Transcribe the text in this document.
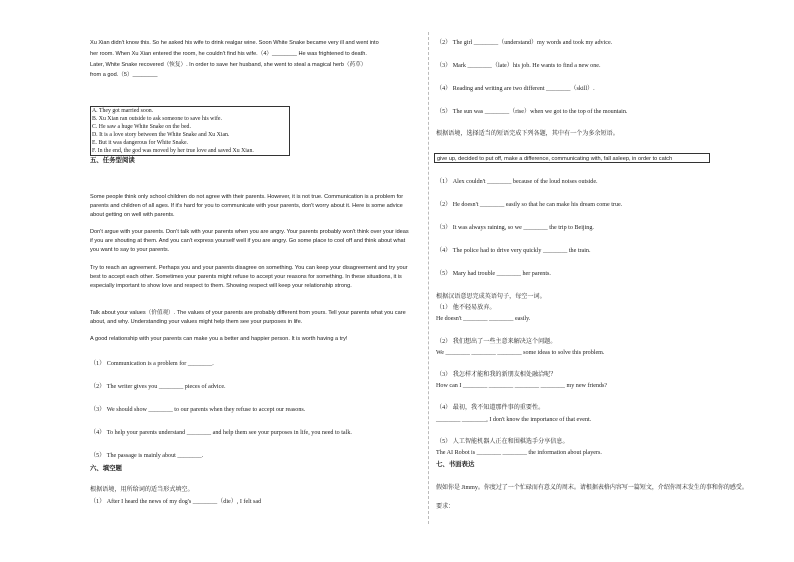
Xu Xian didn't know this. So he asked his wife to drink realgar wine. Soon White Snake became very ill and went into
her room. When Xu Xian entered the room, he couldn't find his wife.（4）________ He was frightened to death.
Later, White Snake recovered（恢复）. In order to save her husband, she went to steal a magical herb（药草）
from a god.（5）________
A. They got married soon.
B. Xu Xian ran outside to ask someone to save his wife.
C. He saw a huge White Snake on the bed.
D. It is a love story between the White Snake and Xu Xian.
E. But it was dangerous for White Snake.
F. In the end, the god was moved by her true love and saved Xu Xian.
五、任务型阅读
Some people think only school children do not agree with their parents. However, it is not true. Communication is a problem for parents and children of all ages. If it's hard for you to communicate with your parents, don't worry about it. Here is some advice about getting on well with parents.
Don't argue with your parents. Don't talk with your parents when you are angry. Your parents probably won't think over your ideas if you are shouting at them. And you can't express yourself well if you are angry. Go some place to cool off and think about what you want to say to your parents.
Try to reach an agreement. Perhaps you and your parents disagree on something. You can keep your disagreement and try your best to accept each other. Sometimes your parents might refuse to accept your reasons for something. In these situations, it is especially important to show love and respect to them. Showing respect will keep your relationship strong.
Talk about your values（价值观）. The values of your parents are probably different from yours. Tell your parents what you care about, and why. Understanding your values might help them see your purposes in life.
A good relationship with your parents can make you a better and happier person. It is worth having a try!
（1） Communication is a problem for ________.
（2） The writer gives you ________ pieces of advice.
（3） We should show ________ to our parents when they refuse to accept our reasons.
（4） To help your parents understand ________ and help them see your purposes in life, you need to talk.
（5） The passage is mainly about ________.
六、填空题
根据语境，用所给词的适当形式填空。
（1） After I heard the news of my dog's ________（die）, I felt sad
（2） The girl ________（understand）my words and took my advice.
（3） Mark ________（late）his job. He wants to find a new one.
（4） Reading and writing are two different ________（skill）.
（5） The sun was ________（rise）when we got to the top of the mountain.
根据语境，选择适当的短语完成下列各题，其中有一个为多余短语。
give up, decided to put off, make a difference, communicating with, fall asleep, in order to catch
（1） Alex couldn't ________ because of the loud noises outside.
（2） He doesn't ________ easily so that he can make his dream come true.
（3） It was always raining, so we ________ the trip to Beijing.
（4） The police had to drive very quickly ________ the train.
（5） Mary had trouble ________ her parents.
根据汉语意思完成英语句子，每空一词。
（1） 他不轻易放弃。
He doesn't ________ ________ easily.
（2） 我们想出了一些主意来解决这个问题。
We ________ ________ ________ some ideas to solve this problem.
（3） 我怎样才能和我的新朋友相处融洽呢？
How can I ________ ________ ________ ________ my new friends?
（4） 最初，我不知道那件事的重要性。
________ ________, I don't know the importance of that event.
（5） 人工智能机器人正在和围棋选手分享信息。
The AI Robot is ________ ________ the information about players.
七、书面表达
假如你是 Jimmy。你度过了一个忙碌而有意义的周末。请根据表格内容写一篇短文，介绍你周末发生的事和你的感受。
要求：
